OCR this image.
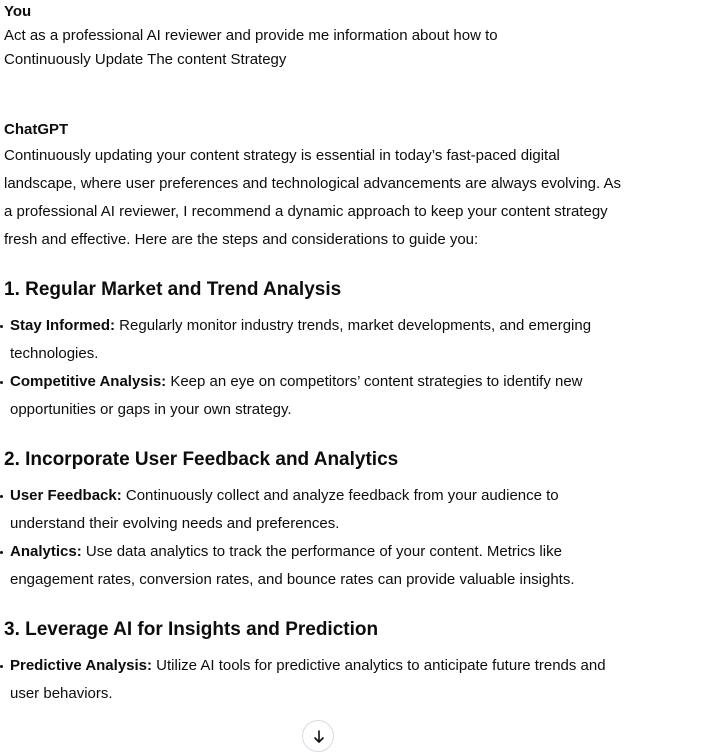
You

Act as a professional AI reviewer and provide me information about how to Continuously Update The content Strategy

ChatGPT

Continuously updating your content strategy is essential in today’s fast-paced digital landscape, where user preferences and technological advancements are always evolving. As a professional AI reviewer, I recommend a dynamic approach to keep your content strategy fresh and effective. Here are the steps and considerations to guide you:

1. Regular Market and Trend Analysis
Stay Informed: Regularly monitor industry trends, market developments, and emerging technologies.
Competitive Analysis: Keep an eye on competitors’ content strategies to identify new opportunities or gaps in your own strategy.
2. Incorporate User Feedback and Analytics
User Feedback: Continuously collect and analyze feedback from your audience to understand their evolving needs and preferences.
Analytics: Use data analytics to track the performance of your content. Metrics like engagement rates, conversion rates, and bounce rates can provide valuable insights.
3. Leverage AI for Insights and Prediction
Predictive Analysis: Utilize AI tools for predictive analytics to anticipate future trends and user behaviors.
